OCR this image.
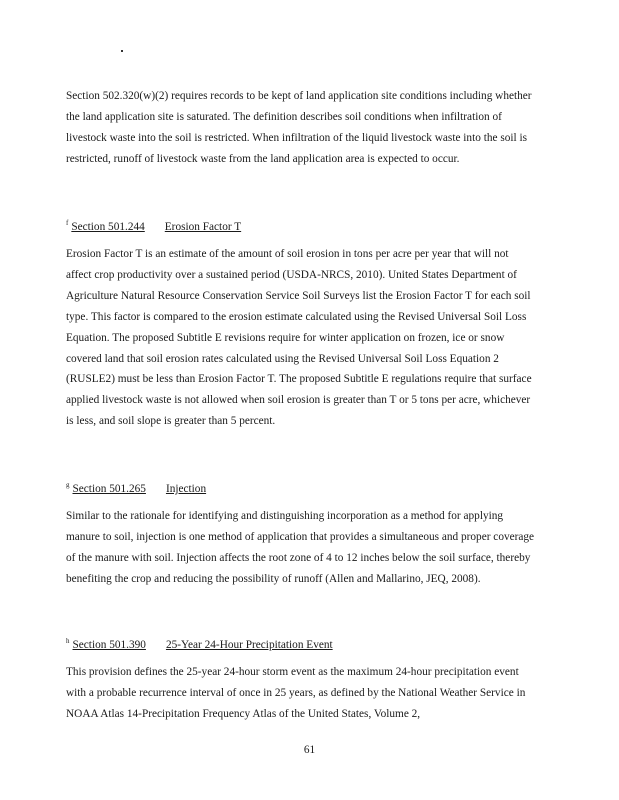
Section 502.320(w)(2) requires records to be kept of land application site conditions including whether the land application site is saturated. The definition describes soil conditions when infiltration of livestock waste into the soil is restricted. When infiltration of the liquid livestock waste into the soil is restricted, runoff of livestock waste from the land application area is expected to occur.

$^f$ Section 501.244 Erosion Factor T

Erosion Factor T is an estimate of the amount of soil erosion in tons per acre per year that will not affect crop productivity over a sustained period (USDA-NRCS, 2010). United States Department of Agriculture Natural Resource Conservation Service Soil Surveys list the Erosion Factor T for each soil type. This factor is compared to the erosion estimate calculated using the Revised Universal Soil Loss Equation. The proposed Subtitle E revisions require for winter application on frozen, ice or snow covered land that soil erosion rates calculated using the Revised Universal Soil Loss Equation 2 (RUSLE2) must be less than Erosion Factor T. The proposed Subtitle E regulations require that surface applied livestock waste is not allowed when soil erosion is greater than T or 5 tons per acre, whichever is less, and soil slope is greater than 5 percent.

$^g$ Section 501.265 Injection

Similar to the rationale for identifying and distinguishing incorporation as a method for applying manure to soil, injection is one method of application that provides a simultaneous and proper coverage of the manure with soil. Injection affects the root zone of 4 to 12 inches below the soil surface, thereby benefiting the crop and reducing the possibility of runoff (Allen and Mallarino, JEQ, 2008).

$^h$ Section 501.390 25-Year 24-Hour Precipitation Event

This provision defines the 25-year 24-hour storm event as the maximum 24-hour precipitation event with a probable recurrence interval of once in 25 years, as defined by the National Weather Service in NOAA Atlas 14-Precipitation Frequency Atlas of the United States, Volume 2,

61
